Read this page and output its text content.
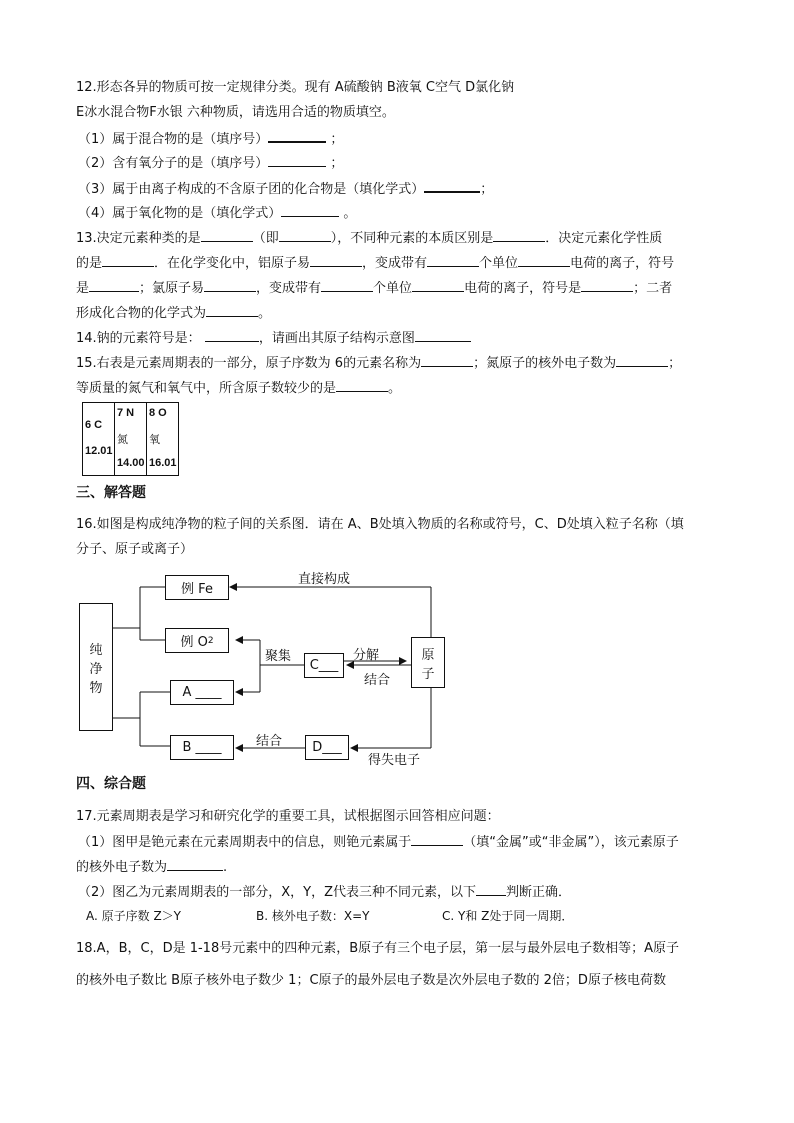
12.形态各异的物质可按一定规律分类。现有 A硫酸钠 B液氧 C空气 D氯化钠
E冰水混合物F水银 六种物质，请选用合适的物质填空。
（1）属于混合物的是（填序号）	；
（2）含有氧分子的是（填序号）	；
（3）属于由离子构成的不含原子团的化合物是（填化学式）	；
（4）属于氧化物的是（填化学式）	。
13.决定元素种类的是	（即	），不同种元素的本质区别是	．决定元素化学性质
的是	．在化学变化中，铝原子易	，变成带有	个单位	电荷的离子，符号
是	；氯原子易	，变成带有	个单位	电荷的离子，符号是	；二者
形成化合物的化学式为	。
14.钠的元素符号是：	，请画出其原子结构示意图
15.右表是元素周期表的一部分，原子序数为 6的元素名称为	；氮原子的核外电子数为	；
等质量的氮气和氧气中，所含原子数较少的是	。
6 C
12.01

7 N
氮
14.00

8 O
氧
16.01
三、解答题
16.如图是构成纯净物的粒子间的关系图．请在 A、B处填入物质的名称或符号，C、D处填入粒子名称（填
分子、原子或离子）
纯
净
物
例 Fe
例 O 2
A ____
B ____
C___
D___
原
子
直接构成
聚集	分解
结合
结合
得失电子
四、综合题
17.元素周期表是学习和研究化学的重要工具，试根据图示回答相应问题：
（1）图甲是铯元素在元素周期表中的信息，则铯元素属于	（填“金属”或“非金属”），该元素原子
的核外电子数为	.
（2）图乙为元素周期表的一部分，X，Y，Z代表三种不同元素，以下 判断正确．
A. 原子序数 Z＞Y	B. 核外电子数：X=Y	C. Y和 Z处于同一周期．
18.A，B，C，D是 1-18号元素中的四种元素，B原子有三个电子层，第一层与最外层电子数相等；A原子
的核外电子数比 B原子核外电子数少 1；C原子的最外层电子数是次外层电子数的 2倍；D原子核电荷数
